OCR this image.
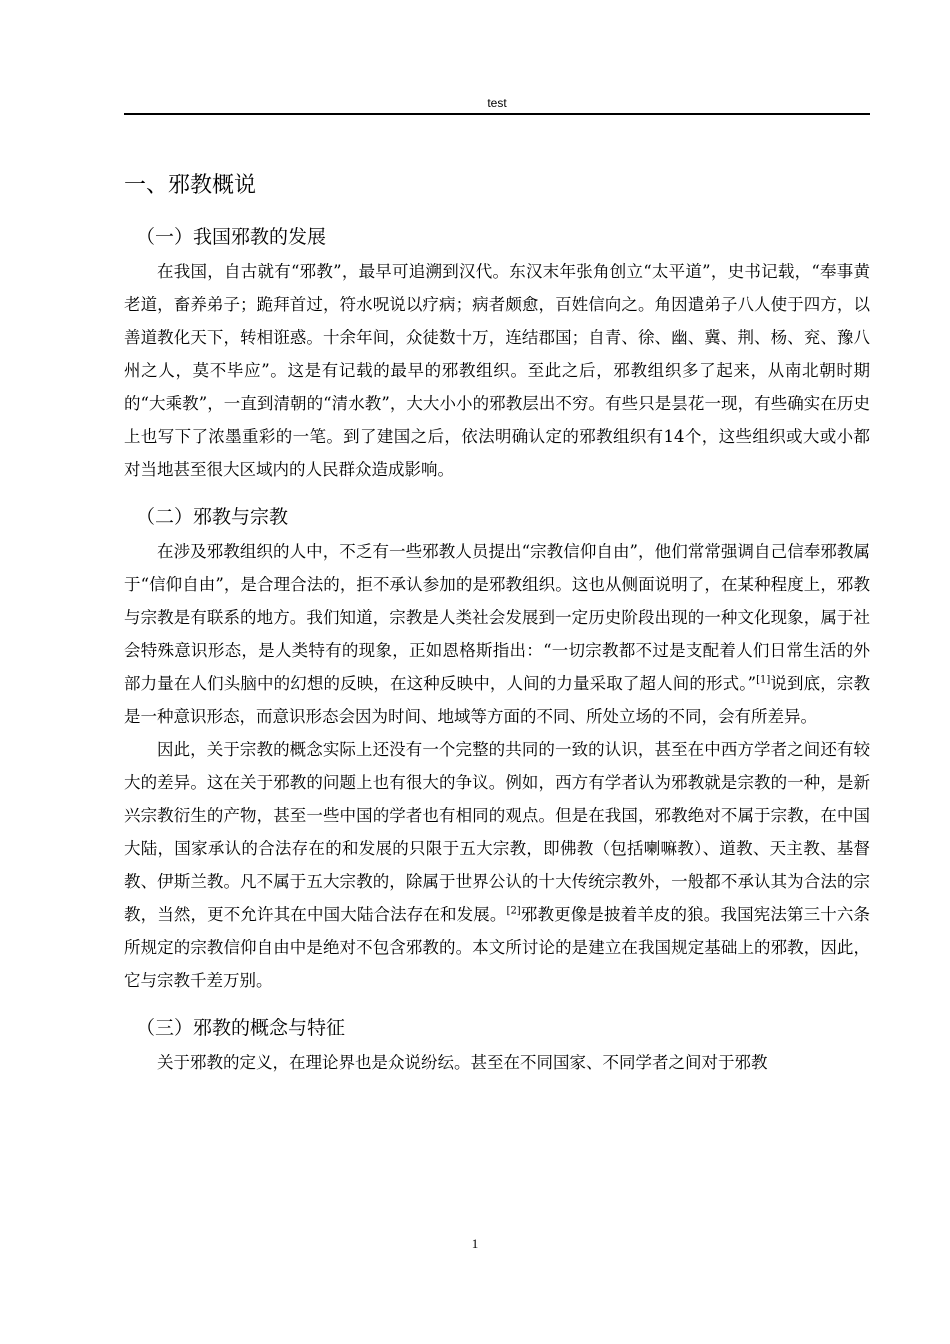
test
一、邪教概说
（一）我国邪教的发展

在我国，自古就有“邪教”，最早可追溯到汉代。东汉末年张角创立“太平道”，史书记载，“奉事黄老道，畜养弟子；跪拜首过，符水呪说以疗病；病者颇愈，百姓信向之。角因遣弟子八人使于四方，以善道教化天下，转相诳惑。十余年间，众徒数十万，连结郡国；自青、徐、幽、冀、荆、杨、兖、豫八州之人，莫不毕应”。这是有记载的最早的邪教组织。至此之后，邪教组织多了起来，从南北朝时期的“大乘教”，一直到清朝的“清水教”，大大小小的邪教层出不穷。有些只是昙花一现，有些确实在历史上也写下了浓墨重彩的一笔。到了建国之后，依法明确认定的邪教组织有14个，这些组织或大或小都对当地甚至很大区域内的人民群众造成影响。

（二）邪教与宗教

在涉及邪教组织的人中，不乏有一些邪教人员提出“宗教信仰自由”，他们常常强调自己信奉邪教属于“信仰自由”，是合理合法的，拒不承认参加的是邪教组织。这也从侧面说明了，在某种程度上，邪教与宗教是有联系的地方。我们知道，宗教是人类社会发展到一定历史阶段出现的一种文化现象，属于社会特殊意识形态，是人类特有的现象，正如恩格斯指出：“一切宗教都不过是支配着人们日常生活的外部力量在人们头脑中的幻想的反映，在这种反映中，人间的力量采取了超人间的形式。”[1]说到底，宗教是一种意识形态，而意识形态会因为时间、地域等方面的不同、所处立场的不同，会有所差异。

因此，关于宗教的概念实际上还没有一个完整的共同的一致的认识，甚至在中西方学者之间还有较大的差异。这在关于邪教的问题上也有很大的争议。例如，西方有学者认为邪教就是宗教的一种，是新兴宗教衍生的产物，甚至一些中国的学者也有相同的观点。但是在我国，邪教绝对不属于宗教，在中国大陆，国家承认的合法存在的和发展的只限于五大宗教，即佛教（包括喇嘛教）、道教、天主教、基督教、伊斯兰教。凡不属于五大宗教的，除属于世界公认的十大传统宗教外，一般都不承认其为合法的宗教，当然，更不允许其在中国大陆合法存在和发展。[2]邪教更像是披着羊皮的狼。我国宪法第三十六条所规定的宗教信仰自由中是绝对不包含邪教的。本文所讨论的是建立在我国规定基础上的邪教，因此，它与宗教千差万别。

（三）邪教的概念与特征

关于邪教的定义，在理论界也是众说纷纭。甚至在不同国家、不同学者之间对于邪教

1
